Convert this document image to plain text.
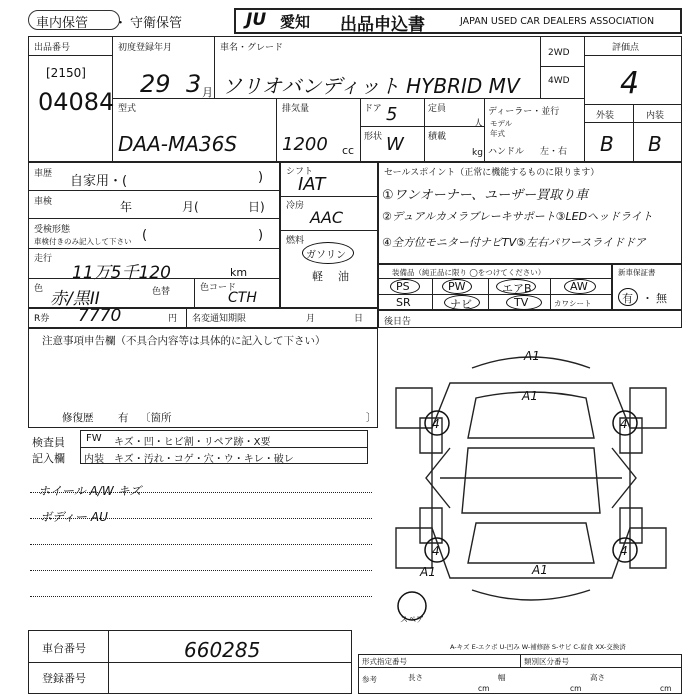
車内保管 ・ 守衛保管	JU 愛知 出品申込書	JAPAN USED CAR DEALERS ASSOCIATION
出品番号
[2150]
04084
初度登録年月	車名・グレード
29 3 月 ソリオバンディット HYBRID MV
2WD
4WD
評価点
4
外装	内装
B B
型式
DAA-MA36S
排気量
1200 cc
ドア 5
形状 W
定員
人
積載
kg
ディーラー・並行
モデル
年式
ハンドル 左・右
車歴 自家用・(	)
車検	年	月(	日)
受検形態
車検付きのみ記入して下さい (	)
走行
11万5千120	km
色 赤/黒II	色替	色コード
CTH
シフト
IAT
冷房
AAC
燃料
ガソリン
軽 油
セールスポイント（正常に機能するものに限ります）
①ワンオーナー、ユーザー買取り車
②デュアルカメラブレーキサポート③LEDヘッドライト
④全方位モニター付ナビTV⑤左右パワースライドドア
装備品（純正品に限り ◯をつけてください）
PS	PW	エアB	AW
SR	ナビ	TV	カワシート
新車保証書
有 ・ 無
R券 7770	円 名変通知期限	月	日
注意事項申告欄（不具合内容等は具体的に記入して下さい）
修復歴 有 〔箇所	〕
後日告
検査員
記入欄
FW キズ・凹・ヒビ割・リペア跡・X要
内装 キズ・汚れ・コゲ・穴・ウ・キレ・破レ
ホイール A/W キズ
ボディー AU
A1
A1
4	4
4	4
A1	A1
スペア
A-キズ E-エクボ U-凹み W-補修跡 S-サビ C-腐食 XX-交換済
車台番号	660285
登録番号
形式指定番号	類別区分番号
参考	長さ
cm
幅
cm
高さ
cm
